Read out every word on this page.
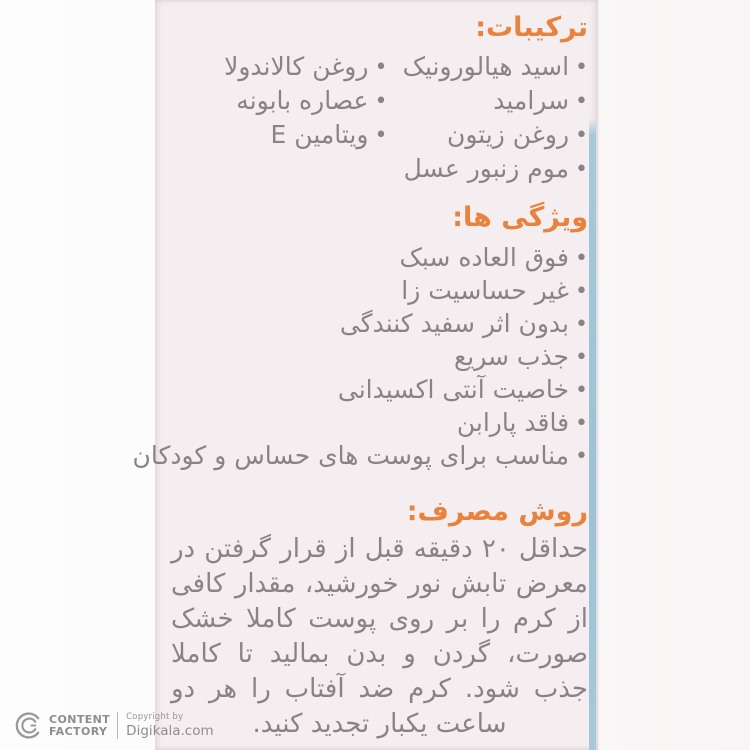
ترکیبات:
•اسید هیالورونیک
•سرامید
•روغن زیتون
•موم زنبور عسل
•روغن کالاندولا
•عصاره بابونه
•ویتامین E
ویژگی ها:
•فوق العاده سبک
•غیر حساسیت زا
•بدون اثر سفید کنندگی
•جذب سریع
•خاصیت آنتی اکسیدانی
•فاقد پارابن
•مناسب برای پوست های حساس و کودکان
روش مصرف:

حداقل ۲۰ دقیقه قبل از قرار گرفتن در معرض تابش نور خورشید، مقدار کافی از کرم را بر روی پوست کاملا خشک صورت، گردن و بدن بمالید تا کاملا جذب شود. کرم ضد آفتاب را هر دو ساعت یکبار تجدید کنید.

CONTENT
FACTORY
Copyright by
Digikala.com
